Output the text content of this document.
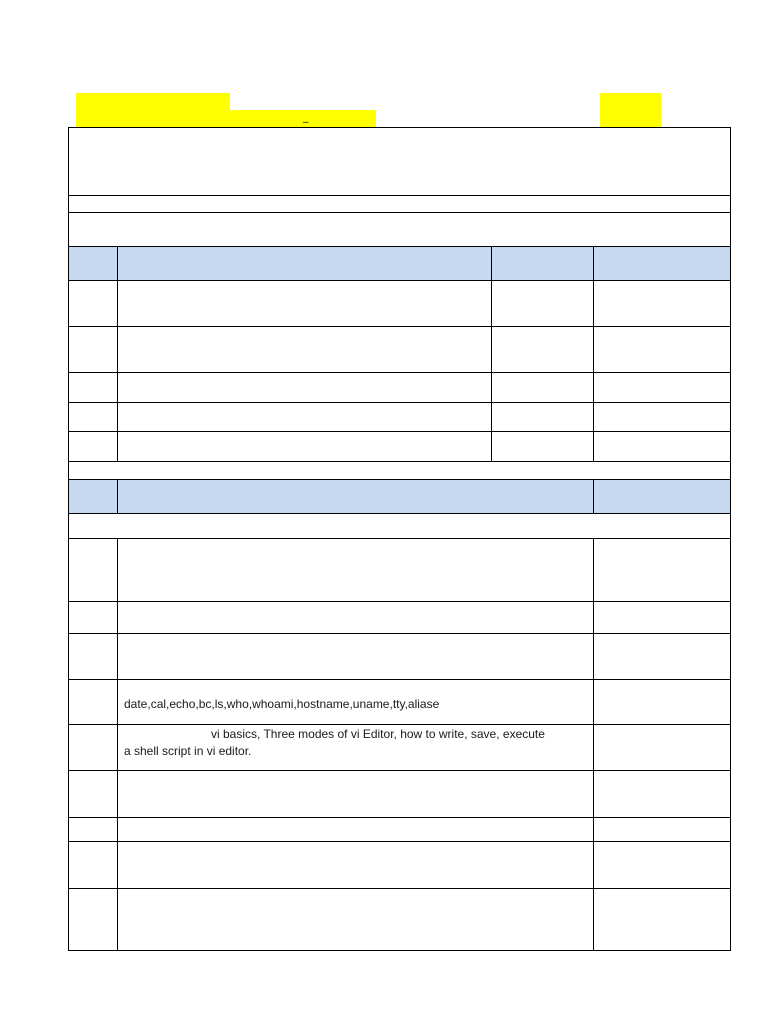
_

	date,cal,echo,bc,ls,who,whoami,hostname,uname,tty,aliase		

	vi basics, Three modes of vi Editor, how to write, save, execute
a shell script in vi editor.		
